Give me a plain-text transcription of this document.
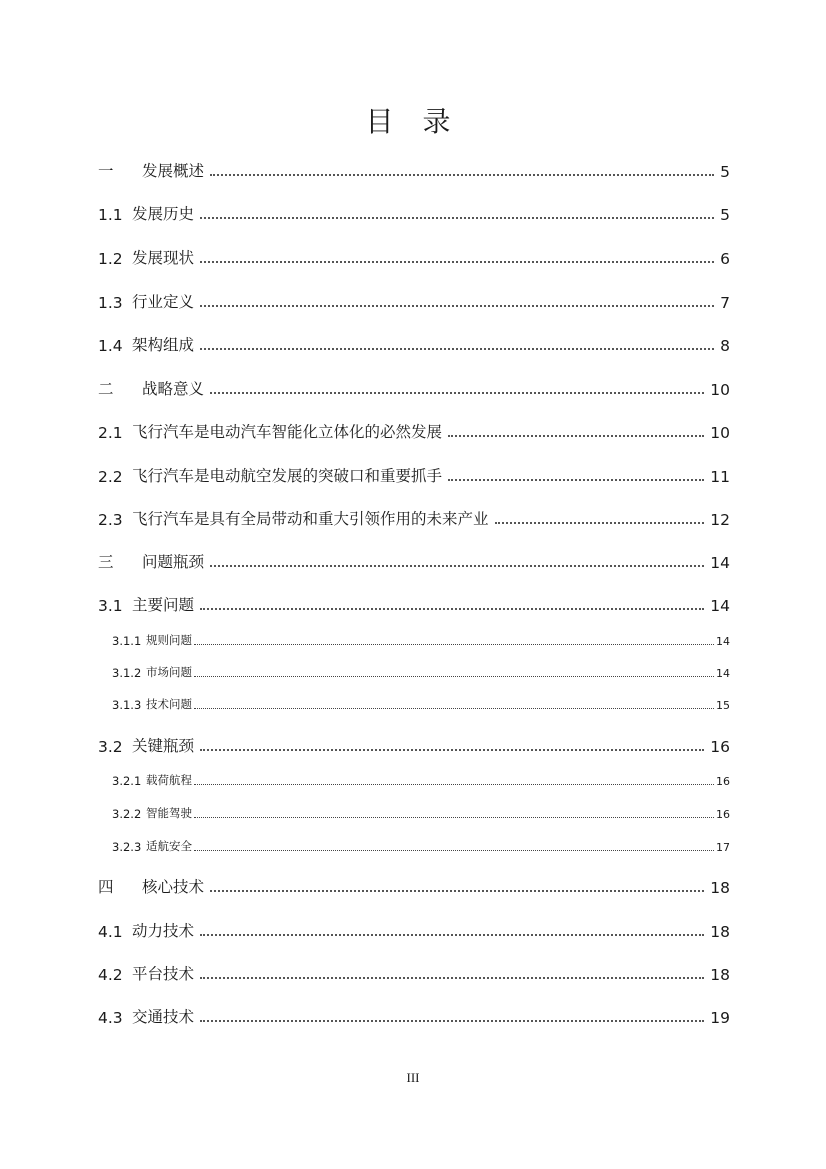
目 录
一	发展概述	5
1.1 发展历史	5
1.2 发展现状	6
1.3 行业定义	7
1.4 架构组成	8
二	战略意义	10
2.1 飞行汽车是电动汽车智能化立体化的必然发展	10
2.2 飞行汽车是电动航空发展的突破口和重要抓手	11
2.3 飞行汽车是具有全局带动和重大引领作用的未来产业	12
三	问题瓶颈	14
3.1 主要问题	14
3.1.1 规则问题	14
3.1.2 市场问题	14
3.1.3 技术问题	15
3.2 关键瓶颈	16
3.2.1 载荷航程	16
3.2.2 智能驾驶	16
3.2.3 适航安全	17
四	核心技术	18
4.1 动力技术	18
4.2 平台技术	18
4.3 交通技术	19
III
